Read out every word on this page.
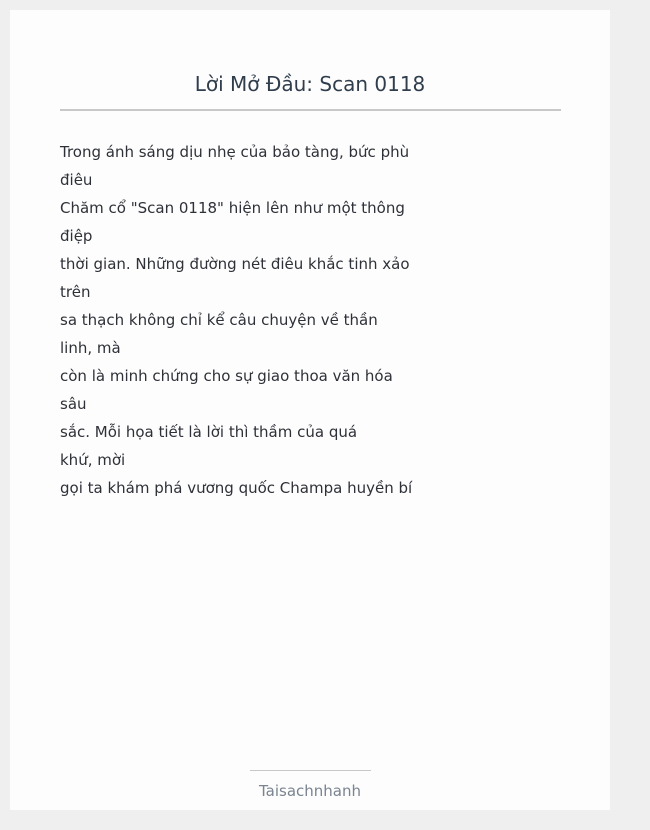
Lời Mở Đầu: Scan 0118
Trong ánh sáng dịu nhẹ của bảo tàng, bức phù
điêu
Chăm cổ "Scan 0118" hiện lên như một thông
điệp
thời gian. Những đường nét điêu khắc tinh xảo
trên
sa thạch không chỉ kể câu chuyện về thần
linh, mà
còn là minh chứng cho sự giao thoa văn hóa
sâu
sắc. Mỗi họa tiết là lời thì thầm của quá
khứ, mời
gọi ta khám phá vương quốc Champa huyền bí
Taisachnhanh
